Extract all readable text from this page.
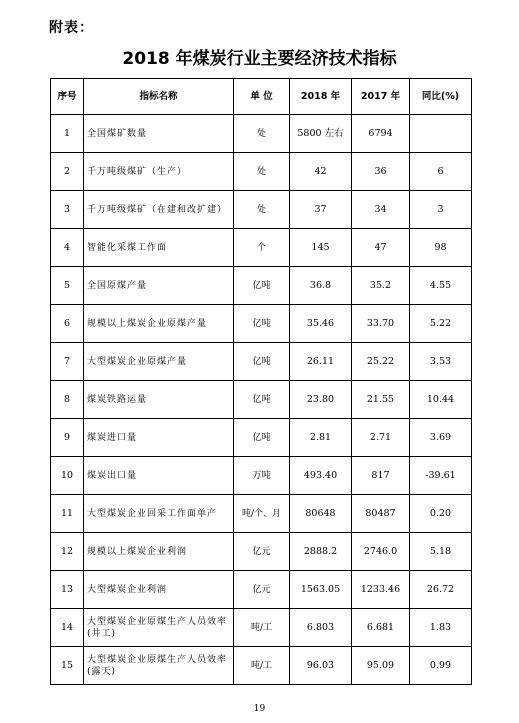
附表：
2018 年煤炭行业主要经济技术指标
序号	指标名称	单 位	2018 年	2017 年	同比(%)
1	全国煤矿数量	处	5800 左右	6794	
2	千万吨级煤矿（生产）	处	42	36	6
3	千万吨级煤矿（在建和改扩建）	处	37	34	3
4	智能化采煤工作面	个	145	47	98
5	全国原煤产量	亿吨	36.8	35.2	4.55
6	规模以上煤炭企业原煤产量	亿吨	35.46	33.70	5.22
7	大型煤炭企业原煤产量	亿吨	26.11	25.22	3.53
8	煤炭铁路运量	亿吨	23.80	21.55	10.44
9	煤炭进口量	亿吨	2.81	2.71	3.69
10	煤炭出口量	万吨	493.40	817	-39.61
11	大型煤炭企业回采工作面单产	吨/个、月	80648	80487	0.20
12	规模以上煤炭企业利润	亿元	2888.2	2746.0	5.18
13	大型煤炭企业利润	亿元	1563.05	1233.46	26.72
14	大型煤炭企业原煤生产人员效率(井工)	吨/工	6.803	6.681	1.83
15	大型煤炭企业原煤生产人员效率(露天)	吨/工	96.03	95.09	0.99
19
